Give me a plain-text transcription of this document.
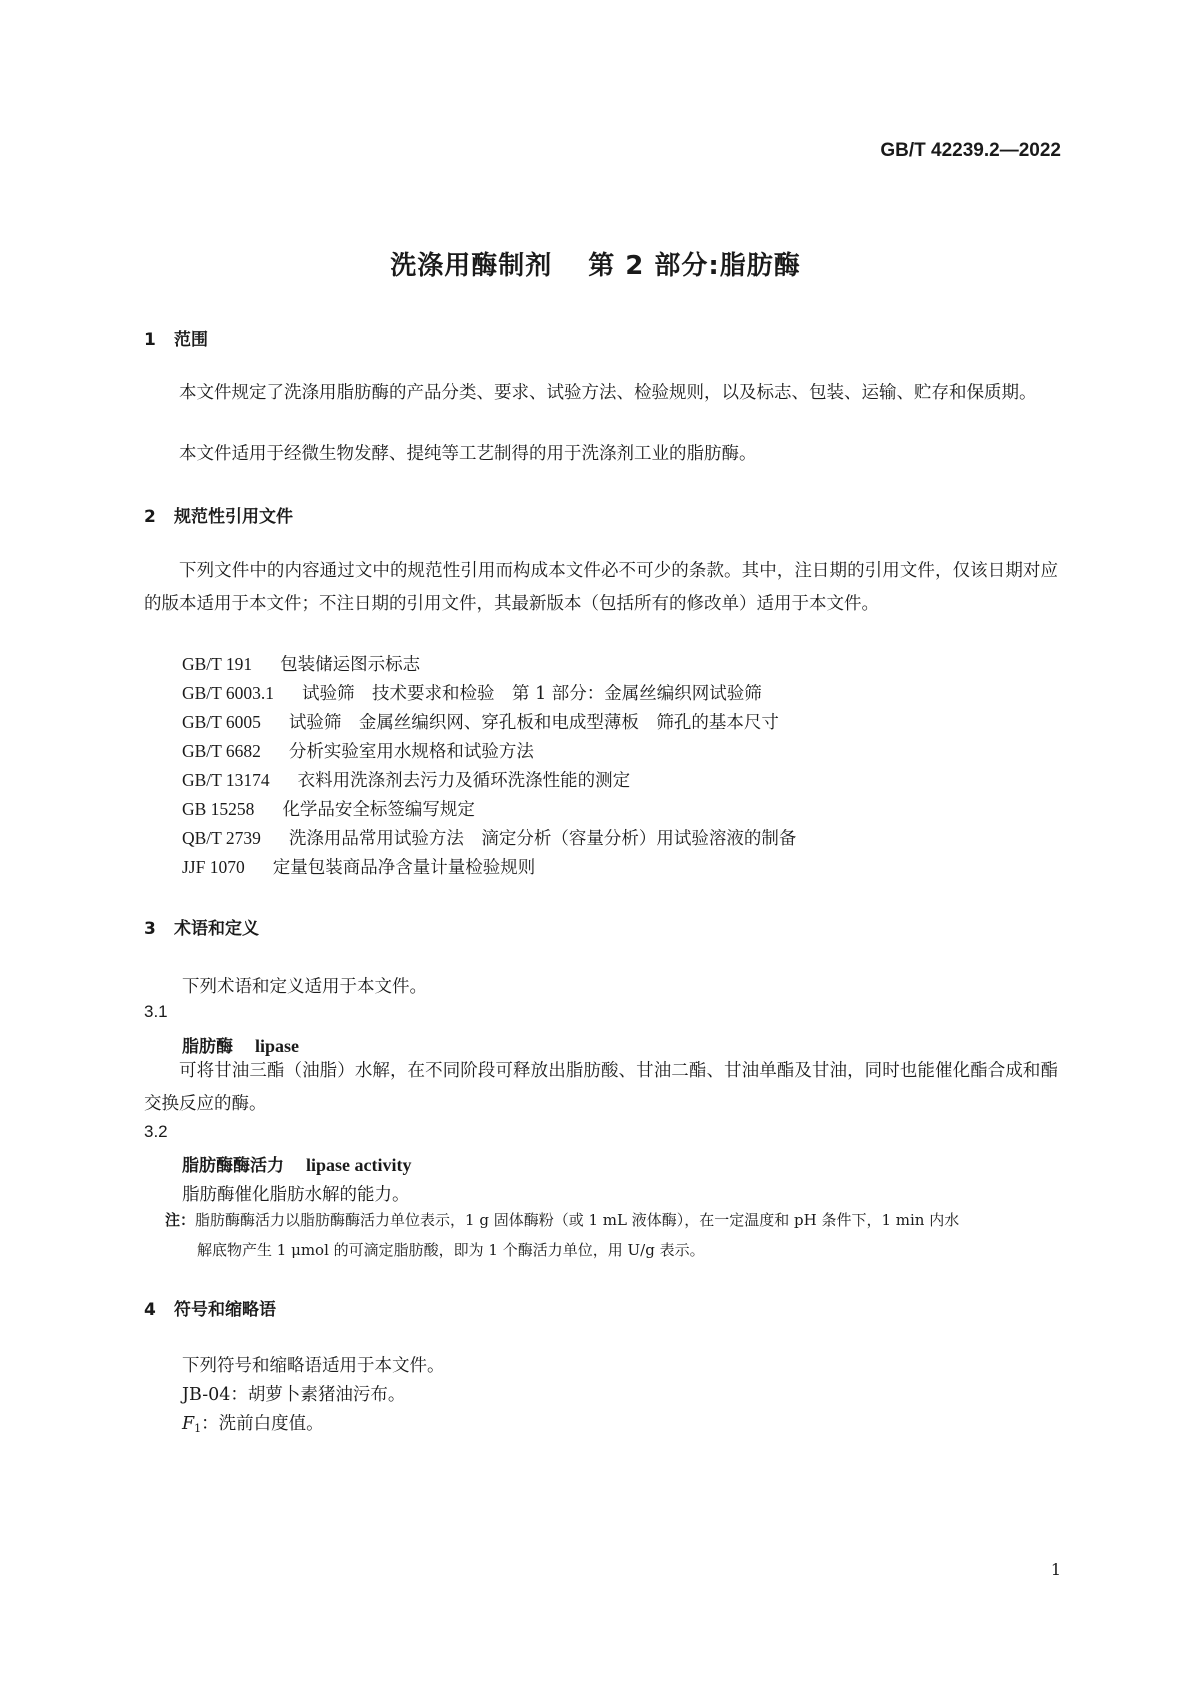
GB/T 42239.2—2022
洗涤用酶制剂 第 2 部分:脂肪酶
1 范围

本文件规定了洗涤用脂肪酶的产品分类、要求、试验方法、检验规则，以及标志、包装、运输、贮存和保质期。

本文件适用于经微生物发酵、提纯等工艺制得的用于洗涤剂工业的脂肪酶。

2 规范性引用文件

下列文件中的内容通过文中的规范性引用而构成本文件必不可少的条款。其中，注日期的引用文件，仅该日期对应的版本适用于本文件；不注日期的引用文件，其最新版本（包括所有的修改单）适用于本文件。

GB/T 191 包装储运图示标志
GB/T 6003.1 试验筛　技术要求和检验　第 1 部分：金属丝编织网试验筛
GB/T 6005 试验筛　金属丝编织网、穿孔板和电成型薄板　筛孔的基本尺寸
GB/T 6682 分析实验室用水规格和试验方法
GB/T 13174 衣料用洗涤剂去污力及循环洗涤性能的测定
GB 15258 化学品安全标签编写规定
QB/T 2739 洗涤用品常用试验方法　滴定分析（容量分析）用试验溶液的制备
JJF 1070 定量包装商品净含量计量检验规则
3 术语和定义
下列术语和定义适用于本文件。
3.1
脂肪酶 lipase

可将甘油三酯（油脂）水解，在不同阶段可释放出脂肪酸、甘油二酯、甘油单酯及甘油，同时也能催化酯合成和酯交换反应的酶。

3.2
脂肪酶酶活力 lipase activity
脂肪酶催化脂肪水解的能力。
注：脂肪酶酶活力以脂肪酶酶活力单位表示，1 g 固体酶粉（或 1 mL 液体酶），在一定温度和 pH 条件下，1 min 内水
解底物产生 1 μmol 的可滴定脂肪酸，即为 1 个酶活力单位，用 U/g 表示。
4 符号和缩略语
下列符号和缩略语适用于本文件。
JB-04：胡萝卜素猪油污布。
$F_1$：洗前白度值。
1
